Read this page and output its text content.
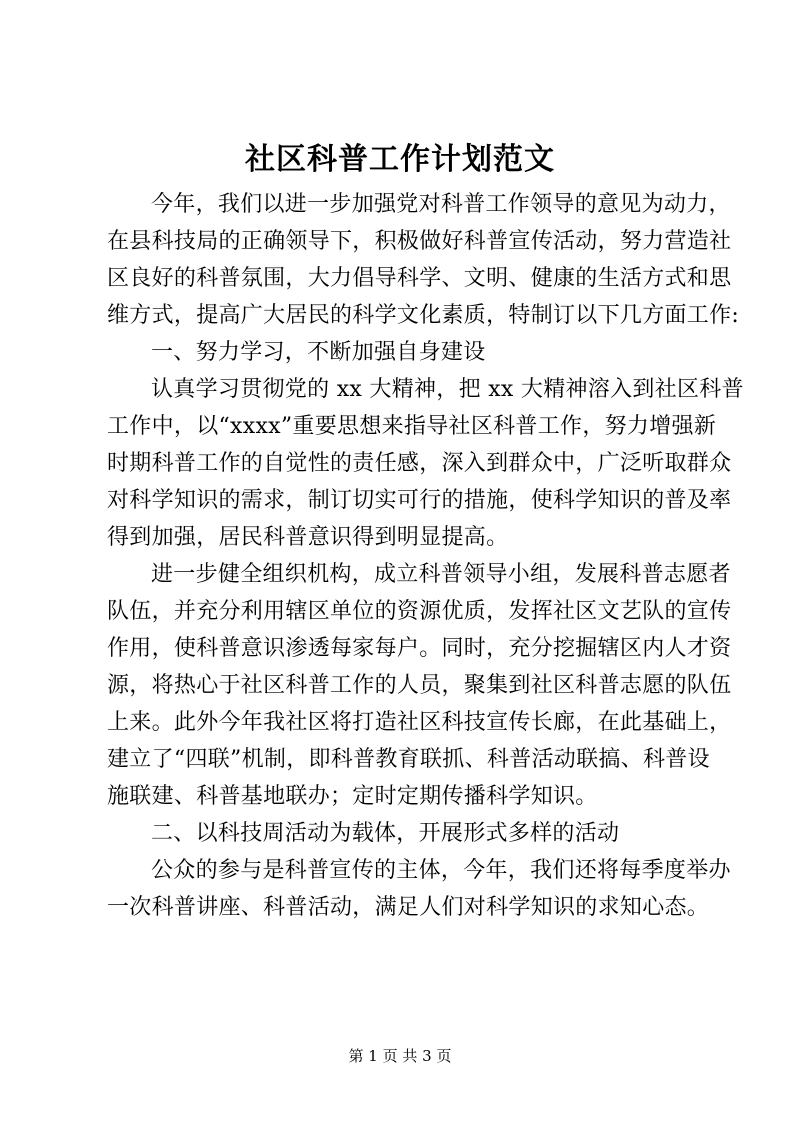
社区科普工作计划范文
今年，我们以进一步加强党对科普工作领导的意见为动力，
在县科技局的正确领导下，积极做好科普宣传活动，努力营造社
区良好的科普氛围，大力倡导科学、文明、健康的生活方式和思
维方式，提高广大居民的科学文化素质，特制订以下几方面工作:
一、努力学习，不断加强自身建设
认真学习贯彻党的 xx 大精神，把 xx 大精神溶入到社区科普
工作中，以“xxxx”重要思想来指导社区科普工作，努力增强新
时期科普工作的自觉性的责任感，深入到群众中，广泛听取群众
对科学知识的需求，制订切实可行的措施，使科学知识的普及率
得到加强，居民科普意识得到明显提高。
进一步健全组织机构，成立科普领导小组，发展科普志愿者
队伍，并充分利用辖区单位的资源优质，发挥社区文艺队的宣传
作用，使科普意识渗透每家每户。同时，充分挖掘辖区内人才资
源，将热心于社区科普工作的人员，聚集到社区科普志愿的队伍
上来。此外今年我社区将打造社区科技宣传长廊，在此基础上，
建立了“四联”机制，即科普教育联抓、科普活动联搞、科普设
施联建、科普基地联办；定时定期传播科学知识。
二、以科技周活动为载体，开展形式多样的活动
公众的参与是科普宣传的主体，今年，我们还将每季度举办
一次科普讲座、科普活动，满足人们对科学知识的求知心态。
第 1 页 共 3 页
